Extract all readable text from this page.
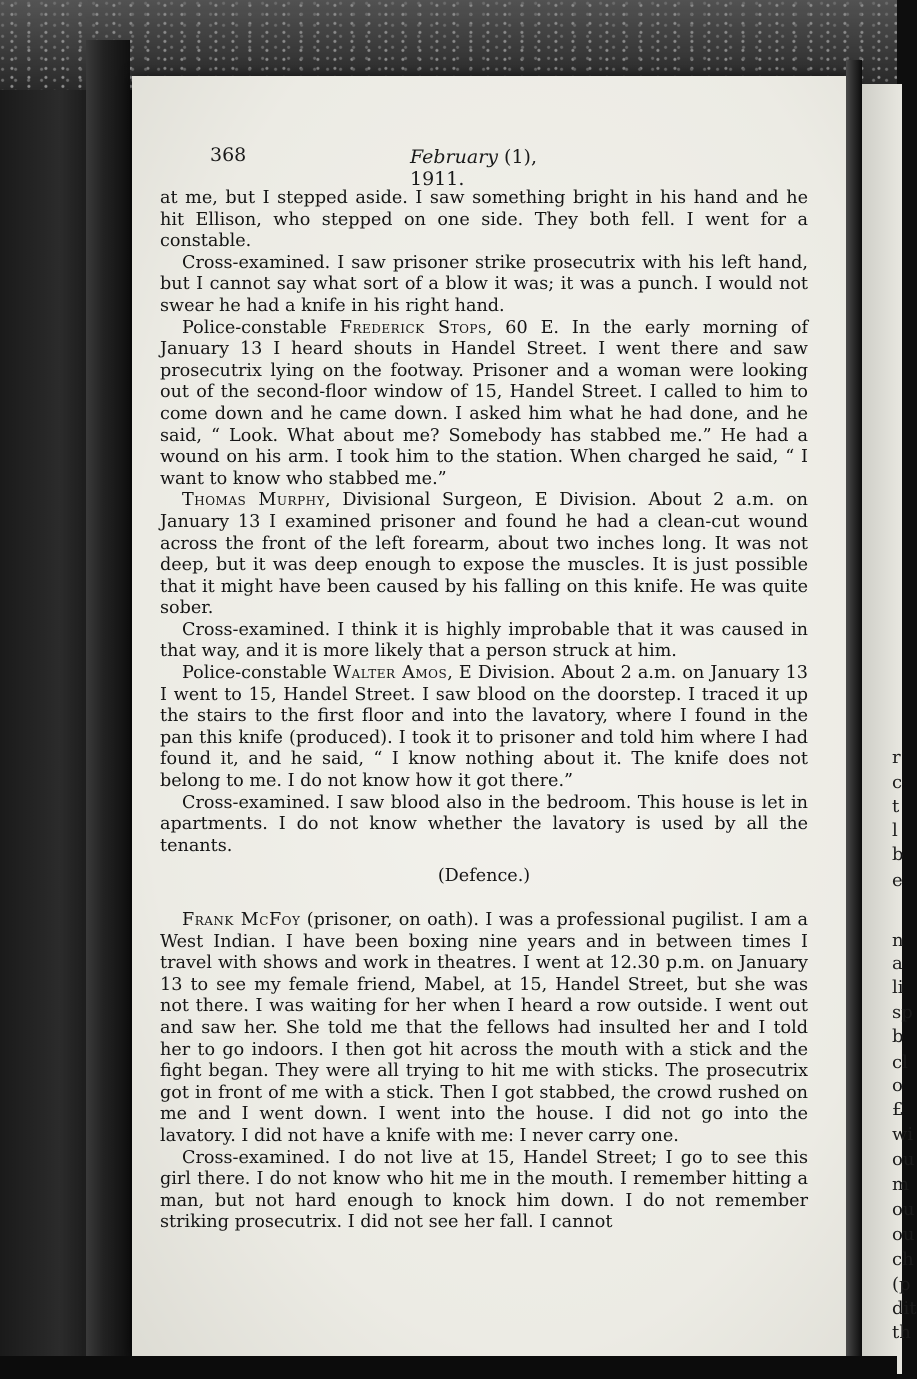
r
c
t
l
b
e
n
a
li
sp
b
cl
o
£
wi
ou
m
ou
ou
ch
(p
dit
th
368	February (1), 1911.

at me, but I stepped aside. I saw something bright in his hand and he hit Ellison, who stepped on one side. They both fell. I went for a constable.

Cross-examined. I saw prisoner strike prosecutrix with his left hand, but I cannot say what sort of a blow it was; it was a punch. I would not swear he had a knife in his right hand.

Police-constable Frederick Stops, 60 E. In the early morning of January 13 I heard shouts in Handel Street. I went there and saw prosecutrix lying on the footway. Prisoner and a woman were looking out of the second-floor window of 15, Handel Street. I called to him to come down and he came down. I asked him what he had done, and he said, “ Look. What about me? Somebody has stabbed me.” He had a wound on his arm. I took him to the station. When charged he said, “ I want to know who stabbed me.”

Thomas Murphy, Divisional Surgeon, E Division. About 2 a.m. on January 13 I examined prisoner and found he had a clean-cut wound across the front of the left forearm, about two inches long. It was not deep, but it was deep enough to expose the muscles. It is just possible that it might have been caused by his falling on this knife. He was quite sober.

Cross-examined. I think it is highly improbable that it was caused in that way, and it is more likely that a person struck at him.

Police-constable Walter Amos, E Division. About 2 a.m. on January 13 I went to 15, Handel Street. I saw blood on the doorstep. I traced it up the stairs to the first floor and into the lavatory, where I found in the pan this knife (produced). I took it to prisoner and told him where I had found it, and he said, “ I know nothing about it. The knife does not belong to me. I do not know how it got there.”

Cross-examined. I saw blood also in the bedroom. This house is let in apartments. I do not know whether the lavatory is used by all the tenants.

(Defence.)

Frank McFoy (prisoner, on oath). I was a professional pugilist. I am a West Indian. I have been boxing nine years and in between times I travel with shows and work in theatres. I went at 12.30 p.m. on January 13 to see my female friend, Mabel, at 15, Handel Street, but she was not there. I was waiting for her when I heard a row outside. I went out and saw her. She told me that the fellows had insulted her and I told her to go indoors. I then got hit across the mouth with a stick and the fight began. They were all trying to hit me with sticks. The prosecutrix got in front of me with a stick. Then I got stabbed, the crowd rushed on me and I went down. I went into the house. I did not go into the lavatory. I did not have a knife with me: I never carry one.

Cross-examined. I do not live at 15, Handel Street; I go to see this girl there. I do not know who hit me in the mouth. I remember hitting a man, but not hard enough to knock him down. I do not remember striking prosecutrix. I did not see her fall. I cannot
